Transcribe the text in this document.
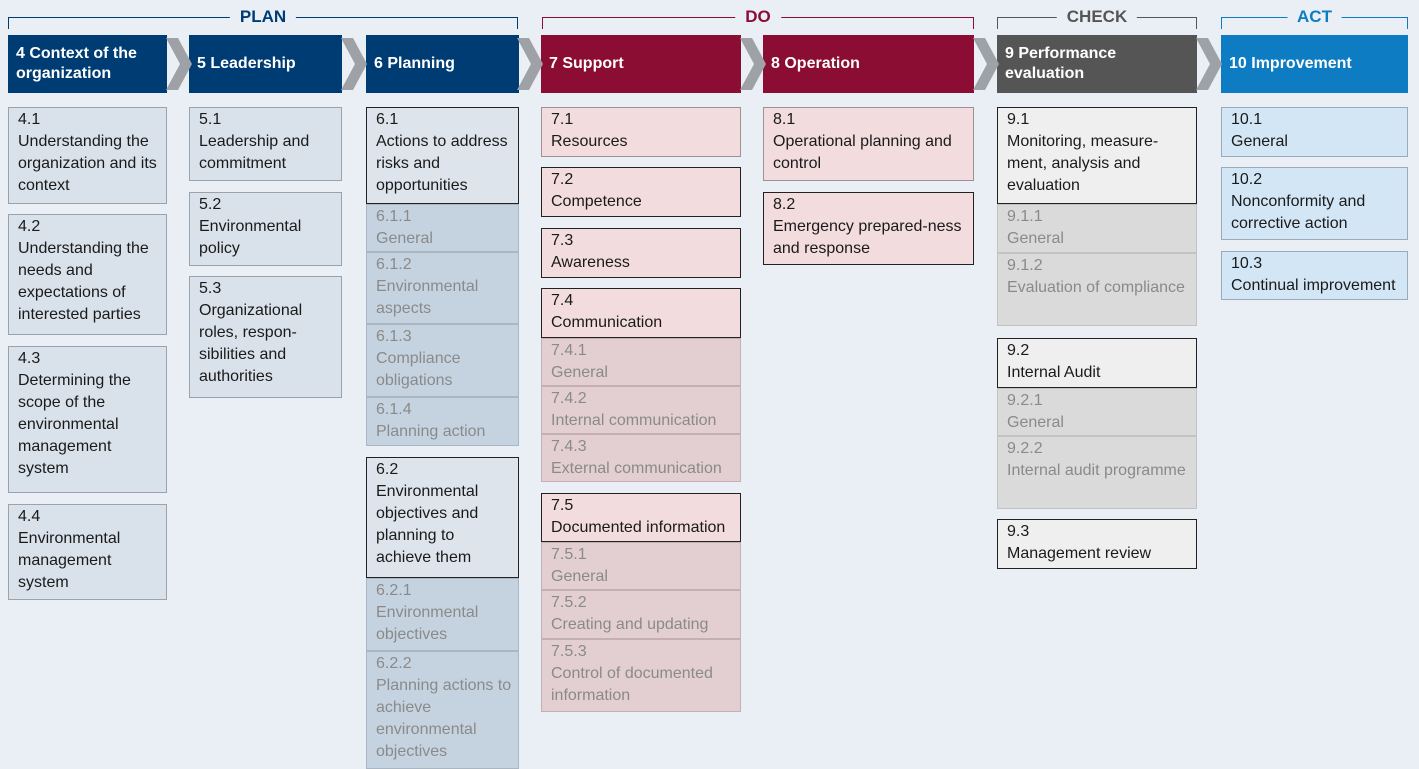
PLAN	DO	CHECK	ACT
4 Context of the organization
5 Leadership	6 Planning	7 Support	8 Operation
9 Performance evaluation
10 Improvement
4.1
Understanding the organization and its context
4.2
Understanding the needs and expectations of interested parties
4.3
Determining the scope of the environmental management system
4.4
Environmental management system
5.1
Leadership and commitment
5.2
Environmental policy
5.3
Organizational roles, respon-sibilities and authorities
6.1
Actions to address risks and opportunities
6.1.1
General
6.1.2
Environmental aspects
6.1.3
Compliance obligations
6.1.4
Planning action
6.2
Environmental objectives and planning to achieve them
6.2.1
Environmental objectives
6.2.2
Planning actions to achieve environmental objectives
7.1
Resources
7.2
Competence
7.3
Awareness
7.4
Communication
7.4.1
General
7.4.2
Internal communication
7.4.3
External communication
7.5
Documented information
7.5.1
General
7.5.2
Creating and updating
7.5.3
Control of documented information
8.1
Operational planning and control
8.2
Emergency prepared-ness and response
9.1
Monitoring, measure-ment, analysis and evaluation
9.1.1
General
9.1.2
Evaluation of compliance
9.2
Internal Audit
9.2.1
General
9.2.2
Internal audit programme
9.3
Management review
10.1
General
10.2
Nonconformity and corrective action
10.3
Continual improvement
